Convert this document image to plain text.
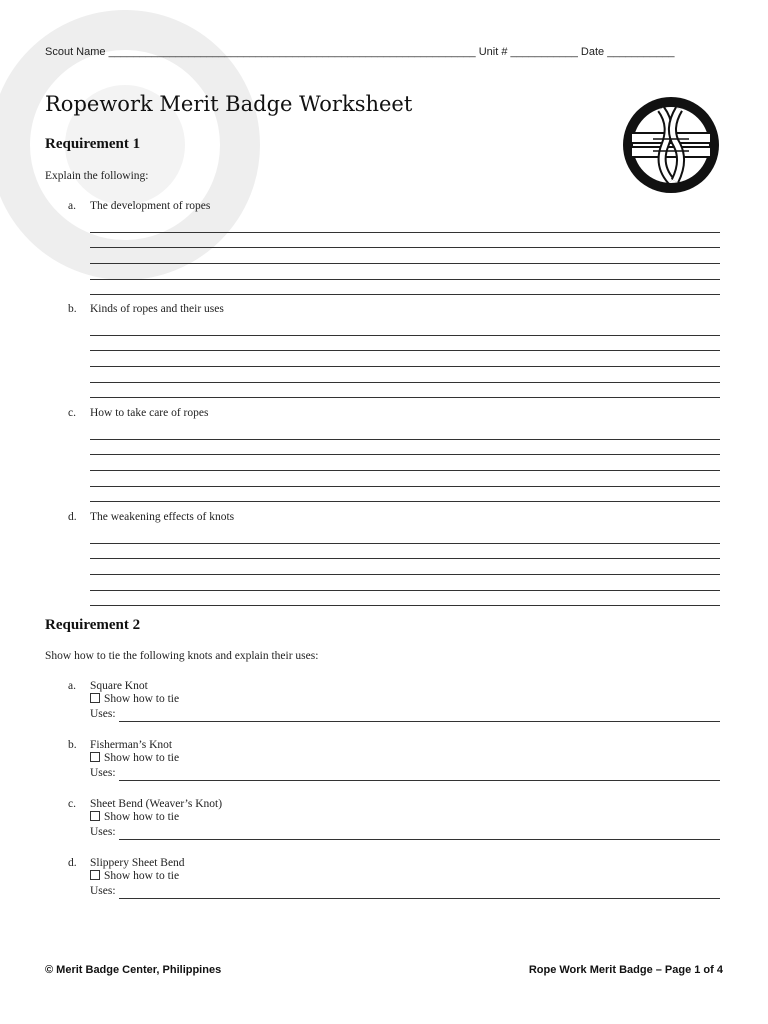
Scout Name ____________________________________________________________ Unit # ___________ Date ___________
Ropework Merit Badge Worksheet
Requirement 1
Explain the following:
a.	The development of ropes
b.	Kinds of ropes and their uses
c.	How to take care of ropes
d.	The weakening effects of knots
Requirement 2
Show how to tie the following knots and explain their uses:
a.	Square Knot
Show how to tie
Uses:
b.	Fisherman’s Knot
Show how to tie
Uses:
c.	Sheet Bend (Weaver’s Knot)
Show how to tie
Uses:
d.	Slippery Sheet Bend
Show how to tie
Uses:
© Merit Badge Center, Philippines	Rope Work Merit Badge – Page 1 of 4
